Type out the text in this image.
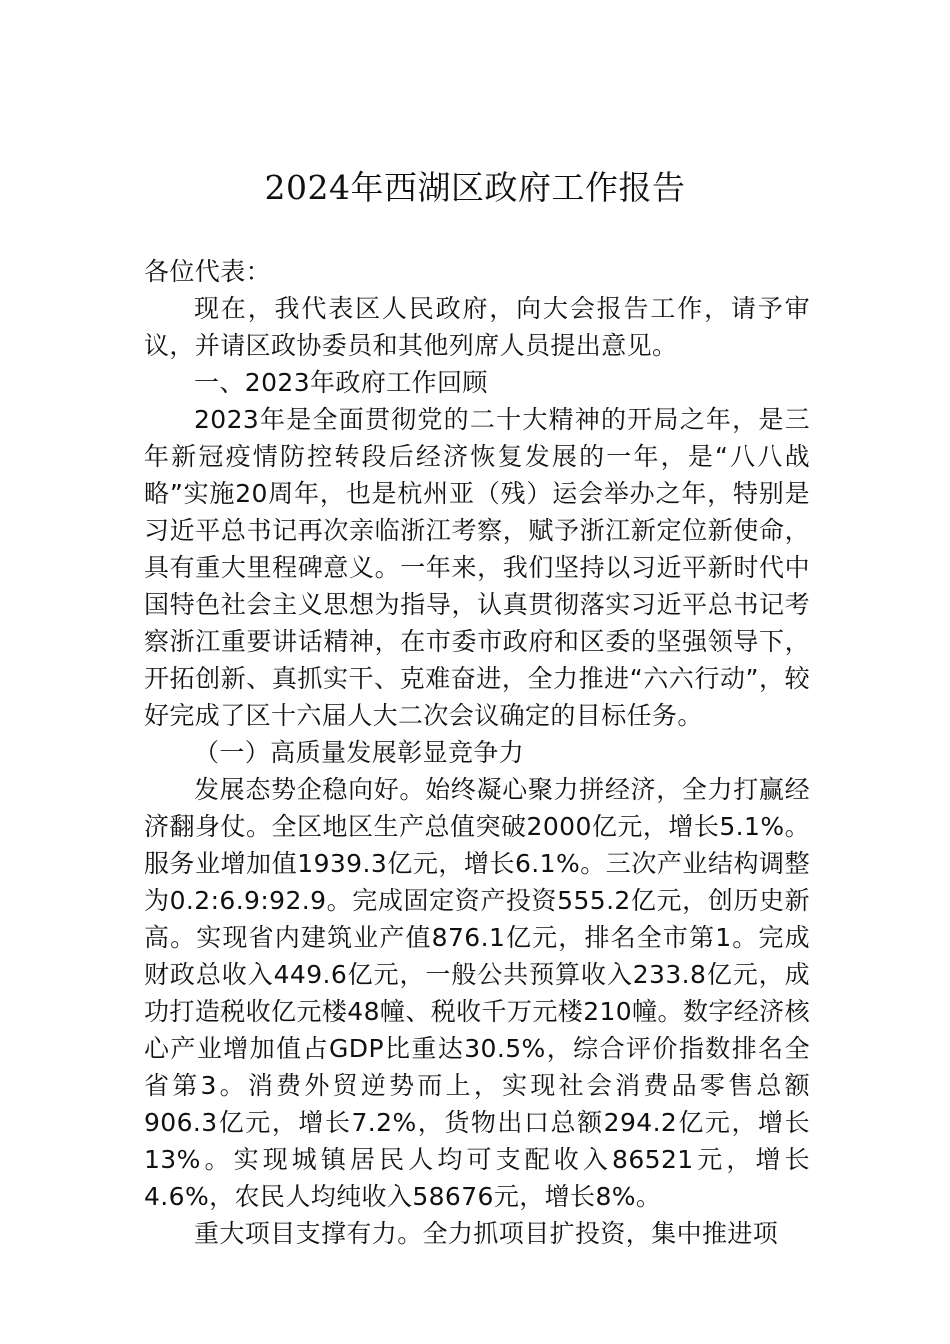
2024年西湖区政府工作报告

各位代表：

现在，我代表区人民政府，向大会报告工作，请予审议，并请区政协委员和其他列席人员提出意见。

一、2023年政府工作回顾

2023年是全面贯彻党的二十大精神的开局之年，是三年新冠疫情防控转段后经济恢复发展的一年，是“八八战略”实施20周年，也是杭州亚（残）运会举办之年，特别是习近平总书记再次亲临浙江考察，赋予浙江新定位新使命，具有重大里程碑意义。一年来，我们坚持以习近平新时代中国特色社会主义思想为指导，认真贯彻落实习近平总书记考察浙江重要讲话精神，在市委市政府和区委的坚强领导下，开拓创新、真抓实干、克难奋进，全力推进“六六行动”，较好完成了区十六届人大二次会议确定的目标任务。

（一）高质量发展彰显竞争力

发展态势企稳向好。始终凝心聚力拼经济，全力打赢经济翻身仗。全区地区生产总值突破2000亿元，增长5.1%。服务业增加值1939.3亿元，增长6.1%。三次产业结构调整为0.2:6.9:92.9。完成固定资产投资555.2亿元，创历史新高。实现省内建筑业产值876.1亿元，排名全市第1。完成财政总收入449.6亿元，一般公共预算收入233.8亿元，成功打造税收亿元楼48幢、税收千万元楼210幢。数字经济核心产业增加值占GDP比重达30.5%，综合评价指数排名全省第3。消费外贸逆势而上，实现社会消费品零售总额906.3亿元，增长7.2%，货物出口总额294.2亿元，增长13%。实现城镇居民人均可支配收入86521元，增长4.6%，农民人均纯收入58676元，增长8%。

重大项目支撑有力。全力抓项目扩投资，集中推进项
